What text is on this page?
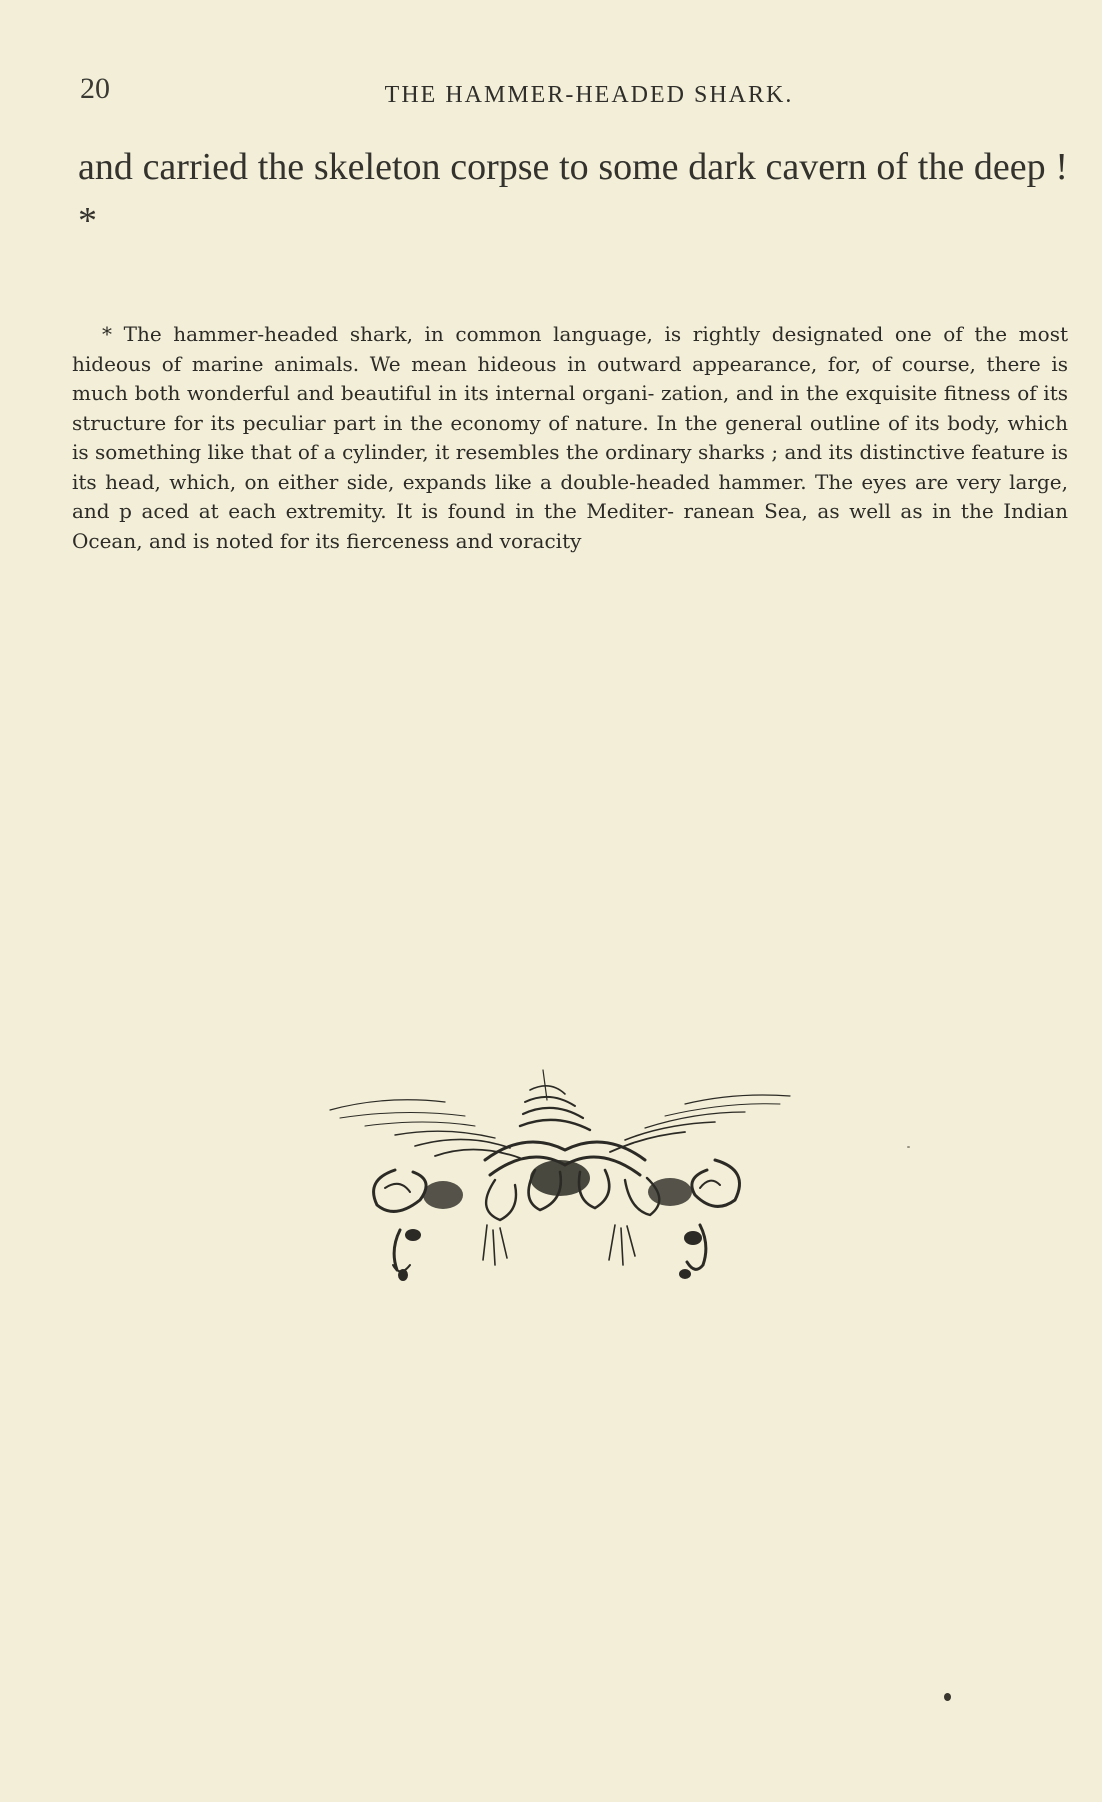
20	THE HAMMER-HEADED SHARK.

and carried the skeleton corpse to some dark cavern of the deep ! *

* The hammer-headed shark, in common language, is rightly designated one of the most hideous of marine animals. We mean hideous in outward appearance, for, of course, there is much both wonderful and beautiful in its internal organi- zation, and in the exquisite fitness of its structure for its peculiar part in the economy of nature. In the general outline of its body, which is something like that of a cylinder, it resembles the ordinary sharks ; and its distinctive feature is its head, which, on either side, expands like a double-headed hammer. The eyes are very large, and p aced at each extremity. It is found in the Mediter- ranean Sea, as well as in the Indian Ocean, and is noted for its fierceness and voracity
